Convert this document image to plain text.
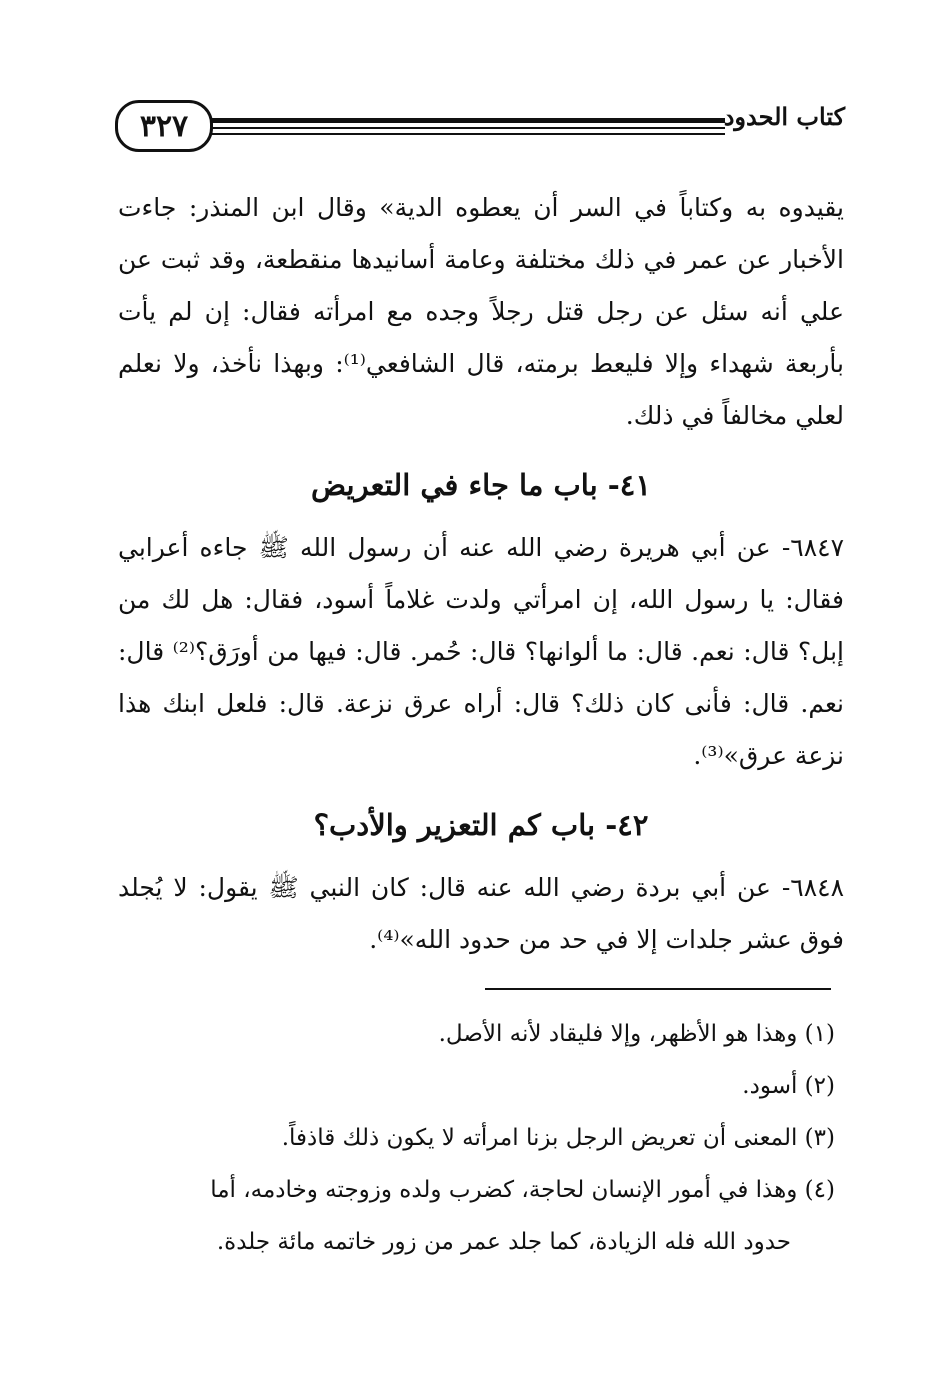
٣٢٧	كتاب الحدود

يقيدوه به وكتاباً في السر أن يعطوه الدية» وقال ابن المنذر: جاءت الأخبار عن عمر في ذلك مختلفة وعامة أسانيدها منقطعة، وقد ثبت عن علي أنه سئل عن رجل قتل رجلاً وجده مع امرأته فقال: إن لم يأت بأربعة شهداء وإلا فليعط برمته، قال الشافعي⁽¹⁾: وبهذا نأخذ، ولا نعلم لعلي مخالفاً في ذلك.

٤١- باب ما جاء في التعريض

٦٨٤٧- عن أبي هريرة رضي الله عنه أن رسول الله ﷺ جاءه أعرابي فقال: يا رسول الله، إن امرأتي ولدت غلاماً أسود، فقال: هل لك من إبل؟ قال: نعم. قال: ما ألوانها؟ قال: حُمر. قال: فيها من أورَق؟⁽²⁾ قال: نعم. قال: فأنى كان ذلك؟ قال: أراه عرق نزعة. قال: فلعل ابنك هذا نزعة عرق»⁽³⁾.

٤٢- باب كم التعزير والأدب؟

٦٨٤٨- عن أبي بردة رضي الله عنه قال: كان النبي ﷺ يقول: لا يُجلد فوق عشر جلدات إلا في حد من حدود الله»⁽⁴⁾.

(١) وهذا هو الأظهر، وإلا فليقاد لأنه الأصل.

(٢) أسود.

(٣) المعنى أن تعريض الرجل بزنا امرأته لا يكون ذلك قاذفاً.

(٤) وهذا في أمور الإنسان لحاجة، كضرب ولده وزوجته وخادمه، أما

حدود الله فله الزيادة، كما جلد عمر من زور خاتمه مائة جلدة.
